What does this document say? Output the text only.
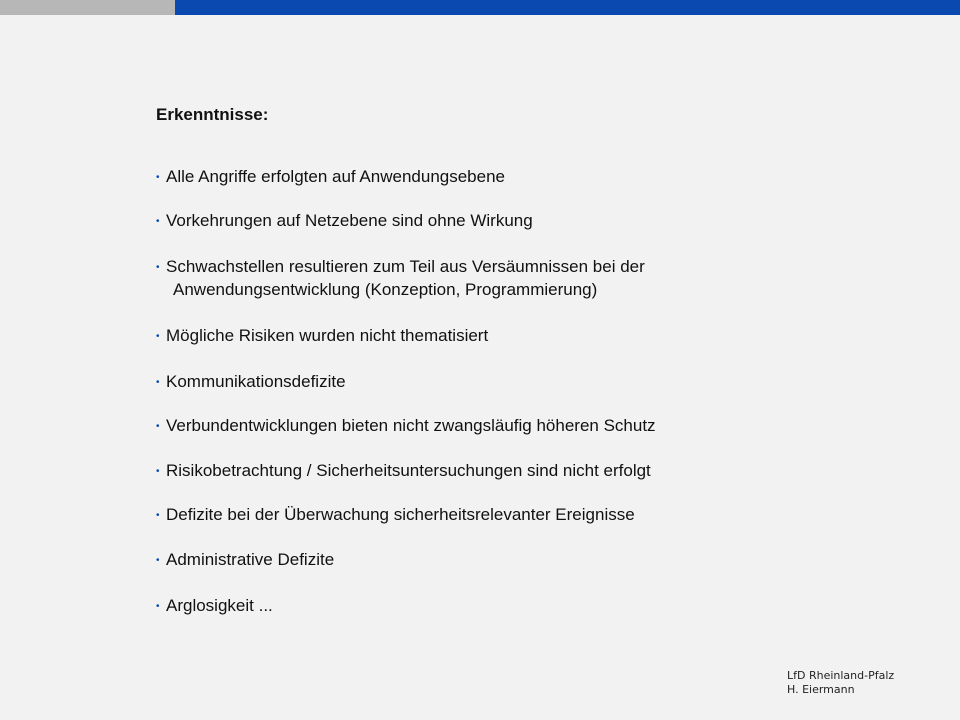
Erkenntnisse:
• Alle Angriffe erfolgten auf Anwendungsebene
• Vorkehrungen auf Netzebene sind ohne Wirkung
• Schwachstellen resultieren zum Teil aus Versäumnissen bei der
Anwendungsentwicklung (Konzeption, Programmierung)
• Mögliche Risiken wurden nicht thematisiert
• Kommunikationsdefizite
• Verbundentwicklungen bieten nicht zwangsläufig höheren Schutz
• Risikobetrachtung / Sicherheitsuntersuchungen sind nicht erfolgt
• Defizite bei der Überwachung sicherheitsrelevanter Ereignisse
• Administrative Defizite
• Arglosigkeit ...
LfD Rheinland-Pfalz
H. Eiermann
